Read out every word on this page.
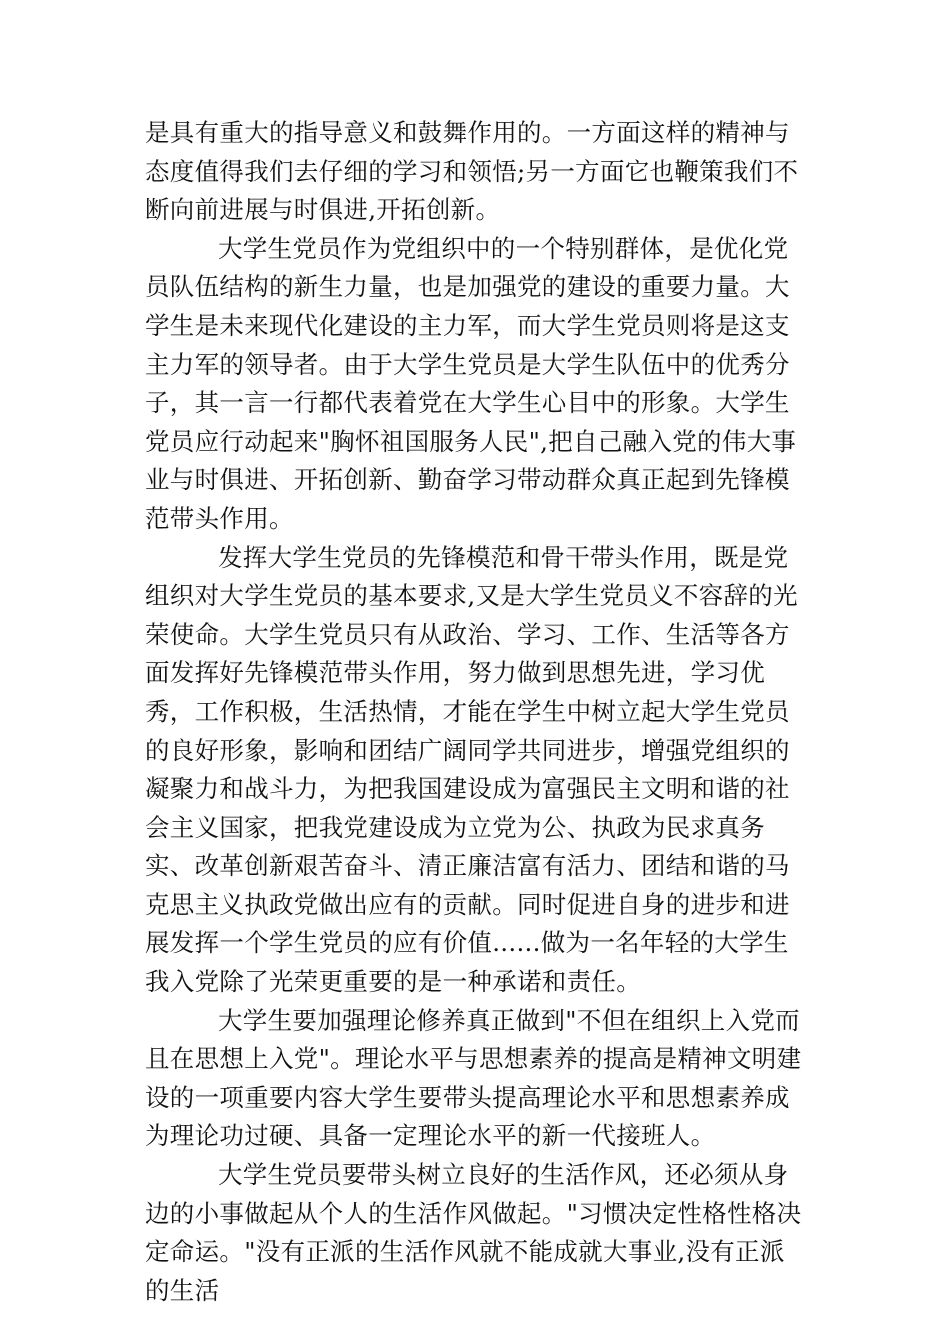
是具有重大的指导意义和鼓舞作用的。一方面这样的精神与态度值得我们去仔细的学习和领悟;另一方面它也鞭策我们不断向前进展与时俱进,开拓创新。

大学生党员作为党组织中的一个特别群体，是优化党员队伍结构的新生力量，也是加强党的建设的重要力量。大学生是未来现代化建设的主力军，而大学生党员则将是这支主力军的领导者。由于大学生党员是大学生队伍中的优秀分子，其一言一行都代表着党在大学生心目中的形象。大学生党员应行动起来"胸怀祖国服务人民",把自己融入党的伟大事业与时俱进、开拓创新、勤奋学习带动群众真正起到先锋模范带头作用。

发挥大学生党员的先锋模范和骨干带头作用，既是党组织对大学生党员的基本要求,又是大学生党员义不容辞的光荣使命。大学生党员只有从政治、学习、工作、生活等各方面发挥好先锋模范带头作用，努力做到思想先进，学习优秀，工作积极，生活热情，才能在学生中树立起大学生党员的良好形象，影响和团结广阔同学共同进步，增强党组织的凝聚力和战斗力，为把我国建设成为富强民主文明和谐的社会主义国家，把我党建设成为立党为公、执政为民求真务实、改革创新艰苦奋斗、清正廉洁富有活力、团结和谐的马克思主义执政党做出应有的贡献。同时促进自身的进步和进展发挥一个学生党员的应有价值......做为一名年轻的大学生我入党除了光荣更重要的是一种承诺和责任。

大学生要加强理论修养真正做到"不但在组织上入党而且在思想上入党"。理论水平与思想素养的提高是精神文明建设的一项重要内容大学生要带头提高理论水平和思想素养成为理论功过硬、具备一定理论水平的新一代接班人。

大学生党员要带头树立良好的生活作风，还必须从身边的小事做起从个人的生活作风做起。"习惯决定性格性格决定命运。"没有正派的生活作风就不能成就大事业,没有正派的生活
